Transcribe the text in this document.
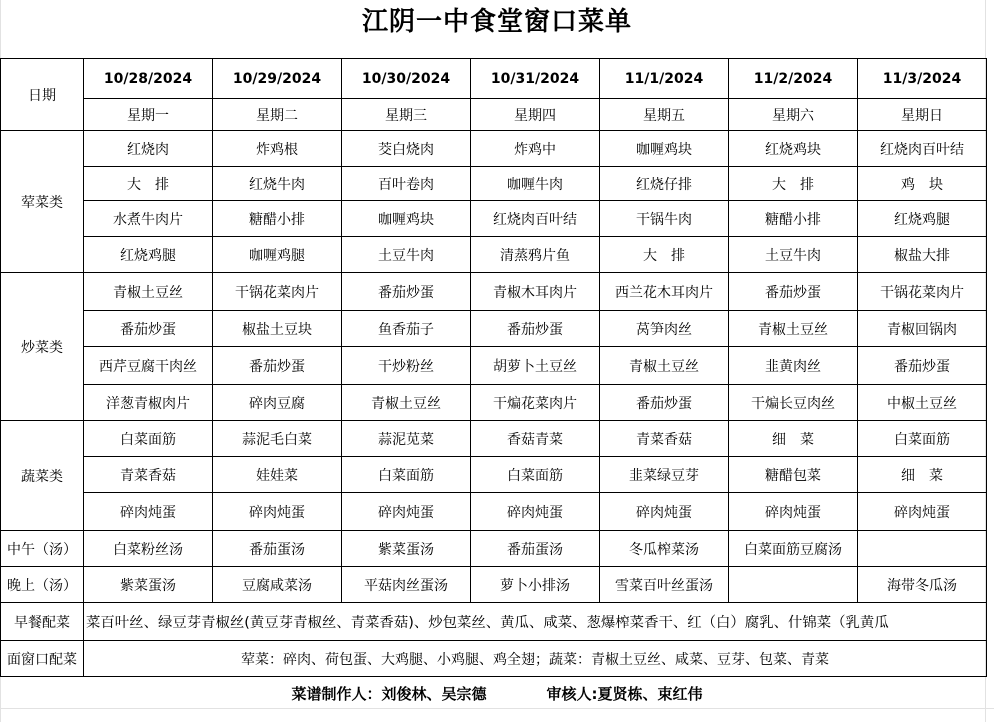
江阴一中食堂窗口菜单
日期	10/28/2024	10/29/2024	10/30/2024	10/31/2024	11/1/2024	11/2/2024	11/3/2024
	星期一	星期二	星期三	星期四	星期五	星期六	星期日
荤菜类	红烧肉	炸鸡根	茭白烧肉	炸鸡中	咖喱鸡块	红烧鸡块	红烧肉百叶结
	大　排	红烧牛肉	百叶卷肉	咖喱牛肉	红烧仔排	大　排	鸡　块
	水煮牛肉片	糖醋小排	咖喱鸡块	红烧肉百叶结	干锅牛肉	糖醋小排	红烧鸡腿
	红烧鸡腿	咖喱鸡腿	土豆牛肉	清蒸鸦片鱼	大　排	土豆牛肉	椒盐大排
炒菜类	青椒土豆丝	干锅花菜肉片	番茄炒蛋	青椒木耳肉片	西兰花木耳肉片	番茄炒蛋	干锅花菜肉片
	番茄炒蛋	椒盐土豆块	鱼香茄子	番茄炒蛋	莴笋肉丝	青椒土豆丝	青椒回锅肉
	西芹豆腐干肉丝	番茄炒蛋	干炒粉丝	胡萝卜土豆丝	青椒土豆丝	韭黄肉丝	番茄炒蛋
	洋葱青椒肉片	碎肉豆腐	青椒土豆丝	干煸花菜肉片	番茄炒蛋	干煸长豆肉丝	中椒土豆丝
蔬菜类	白菜面筋	蒜泥毛白菜	蒜泥苋菜	香菇青菜	青菜香菇	细　菜	白菜面筋
	青菜香菇	娃娃菜	白菜面筋	白菜面筋	韭菜绿豆芽	糖醋包菜	细　菜
	碎肉炖蛋	碎肉炖蛋	碎肉炖蛋	碎肉炖蛋	碎肉炖蛋	碎肉炖蛋	碎肉炖蛋
中午（汤）	白菜粉丝汤	番茄蛋汤	紫菜蛋汤	番茄蛋汤	冬瓜榨菜汤	白菜面筋豆腐汤	
晚上（汤）	紫菜蛋汤	豆腐咸菜汤	平菇肉丝蛋汤	萝卜小排汤	雪菜百叶丝蛋汤		海带冬瓜汤
早餐配菜	菜百叶丝、绿豆芽青椒丝(黄豆芽青椒丝、青菜香菇)、炒包菜丝、黄瓜、咸菜、葱爆榨菜香干、红（白）腐乳、什锦菜（乳黄瓜						

面窗口配菜	荤菜：碎肉、荷包蛋、大鸡腿、小鸡腿、鸡全翅；蔬菜：青椒土豆丝、咸菜、豆芽、包菜、青菜						
菜谱制作人：刘俊林、吴宗德	审核人:夏贤栋、束红伟
